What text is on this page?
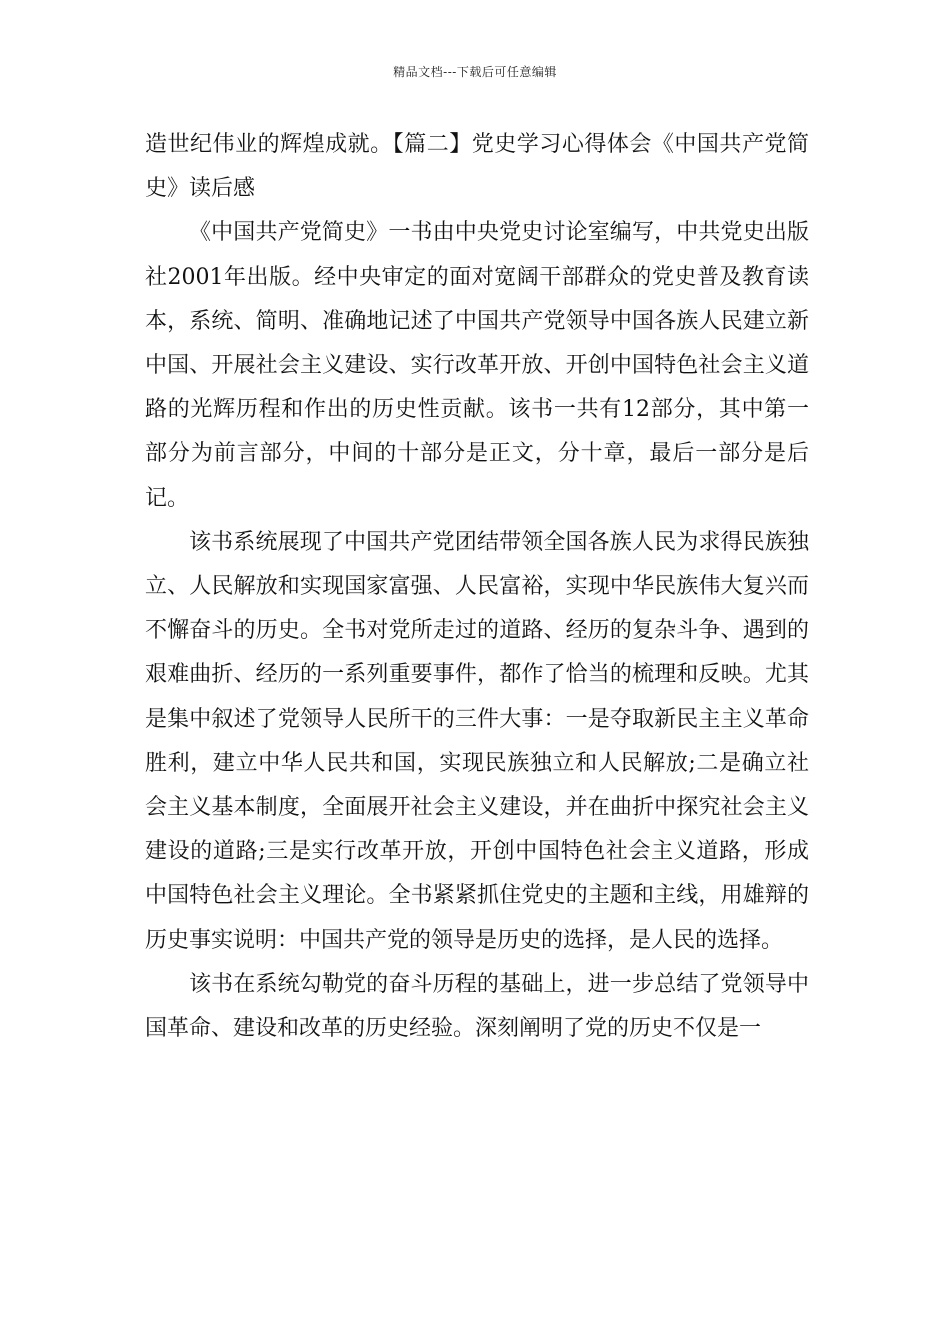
精品文档---下载后可任意编辑

造世纪伟业的辉煌成就。【篇二】党史学习心得体会《中国共产党简史》读后感

《中国共产党简史》一书由中央党史讨论室编写，中共党史出版社2001年出版。经中央审定的面对宽阔干部群众的党史普及教育读本，系统、简明、准确地记述了中国共产党领导中国各族人民建立新中国、开展社会主义建设、实行改革开放、开创中国特色社会主义道路的光辉历程和作出的历史性贡献。该书一共有12部分，其中第一部分为前言部分，中间的十部分是正文，分十章，最后一部分是后记。

该书系统展现了中国共产党团结带领全国各族人民为求得民族独立、人民解放和实现国家富强、人民富裕，实现中华民族伟大复兴而不懈奋斗的历史。全书对党所走过的道路、经历的复杂斗争、遇到的艰难曲折、经历的一系列重要事件，都作了恰当的梳理和反映。尤其是集中叙述了党领导人民所干的三件大事：一是夺取新民主主义革命胜利，建立中华人民共和国，实现民族独立和人民解放;二是确立社会主义基本制度，全面展开社会主义建设，并在曲折中探究社会主义建设的道路;三是实行改革开放，开创中国特色社会主义道路，形成中国特色社会主义理论。全书紧紧抓住党史的主题和主线，用雄辩的历史事实说明：中国共产党的领导是历史的选择，是人民的选择。

该书在系统勾勒党的奋斗历程的基础上，进一步总结了党领导中国革命、建设和改革的历史经验。深刻阐明了党的历史不仅是一
